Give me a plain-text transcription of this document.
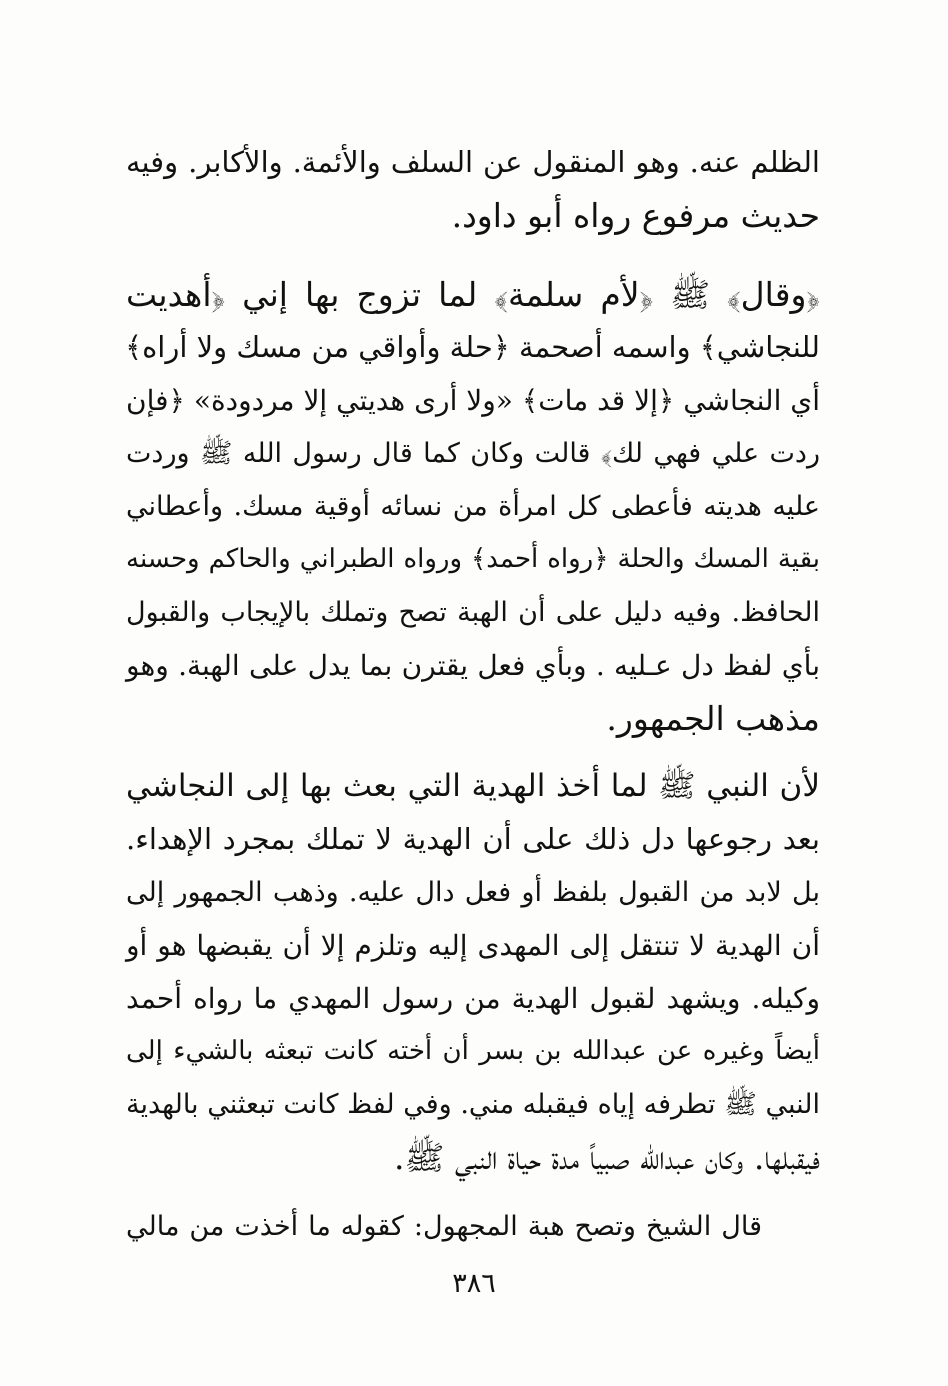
الظلم عنه. وهو المنقول عن السلف والأئمة. والأكابر. وفيه
حديث مرفوع رواه أبو داود.
﴿وقال﴾ ﷺ ﴿لأم سلمة﴾ لما تزوج بها إني ﴿أهديت
للنجاشي﴾ واسمه أصحمة ﴿حلة وأواقي من مسك ولا أراه﴾
أي النجاشي ﴿إلا قد مات﴾ «ولا أرى هديتي إلا مردودة» ﴿فإن
ردت علي فهي لك﴾ قالت وكان كما قال رسول الله ﷺ وردت
عليه هديته فأعطى كل امرأة من نسائه أوقية مسك. وأعطاني
بقية المسك والحلة ﴿رواه أحمد﴾ ورواه الطبراني والحاكم وحسنه
الحافظ. وفيه دليل على أن الهبة تصح وتملك بالإيجاب والقبول
بأي لفظ دل عـليه . وبأي فعل يقترن بما يدل على الهبة. وهو
مذهب الجمهور.
لأن النبي ﷺ لما أخذ الهدية التي بعث بها إلى النجاشي
بعد رجوعها دل ذلك على أن الهدية لا تملك بمجرد الإهداء.
بل لابد من القبول بلفظ أو فعل دال عليه. وذهب الجمهور إلى
أن الهدية لا تنتقل إلى المهدى إليه وتلزم إلا أن يقبضها هو أو
وكيله. ويشهد لقبول الهدية من رسول المهدي ما رواه أحمد
أيضاً وغيره عن عبدالله بن بسر أن أخته كانت تبعثه بالشيء إلى
النبي ﷺ تطرفه إياه فيقبله مني. وفي لفظ كانت تبعثني بالهدية
فيقبلها. وكان عبدالله صبياً مدة حياة النبي ﷺ.
قال الشيخ وتصح هبة المجهول: كقوله ما أخذت من مالي
٣٨٦
